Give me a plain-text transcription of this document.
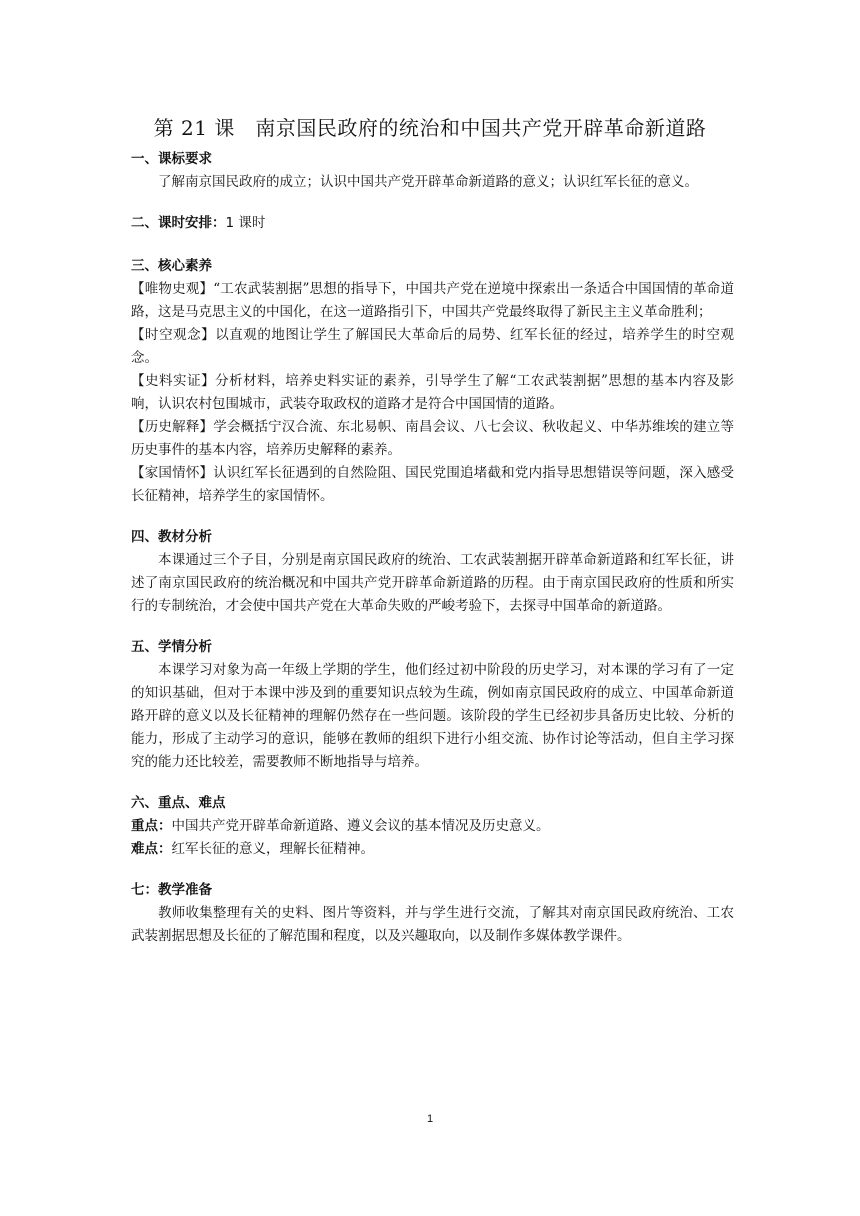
第 21 课　南京国民政府的统治和中国共产党开辟革命新道路
一、课标要求

了解南京国民政府的成立；认识中国共产党开辟革命新道路的意义；认识红军长征的意义。

二、课时安排：1 课时
三、核心素养

【唯物史观】“工农武装割据”思想的指导下，中国共产党在逆境中探索出一条适合中国国情的革命道路，这是马克思主义的中国化，在这一道路指引下，中国共产党最终取得了新民主主义革命胜利；

【时空观念】以直观的地图让学生了解国民大革命后的局势、红军长征的经过，培养学生的时空观念。

【史料实证】分析材料，培养史料实证的素养，引导学生了解“工农武装割据”思想的基本内容及影响，认识农村包围城市，武装夺取政权的道路才是符合中国国情的道路。

【历史解释】学会概括宁汉合流、东北易帜、南昌会议、八七会议、秋收起义、中华苏维埃的建立等历史事件的基本内容，培养历史解释的素养。

【家国情怀】认识红军长征遇到的自然险阻、国民党围追堵截和党内指导思想错误等问题，深入感受长征精神，培养学生的家国情怀。

四、教材分析

本课通过三个子目，分别是南京国民政府的统治、工农武装割据开辟革命新道路和红军长征，讲述了南京国民政府的统治概况和中国共产党开辟革命新道路的历程。由于南京国民政府的性质和所实行的专制统治，才会使中国共产党在大革命失败的严峻考验下，去探寻中国革命的新道路。

五、学情分析

本课学习对象为高一年级上学期的学生，他们经过初中阶段的历史学习，对本课的学习有了一定的知识基础，但对于本课中涉及到的重要知识点较为生疏，例如南京国民政府的成立、中国革命新道路开辟的意义以及长征精神的理解仍然存在一些问题。该阶段的学生已经初步具备历史比较、分析的能力，形成了主动学习的意识，能够在教师的组织下进行小组交流、协作讨论等活动，但自主学习探究的能力还比较差，需要教师不断地指导与培养。

六、重点、难点

重点：中国共产党开辟革命新道路、遵义会议的基本情况及历史意义。

难点：红军长征的意义，理解长征精神。

七：教学准备

教师收集整理有关的史料、图片等资料，并与学生进行交流，了解其对南京国民政府统治、工农武装割据思想及长征的了解范围和程度，以及兴趣取向，以及制作多媒体教学课件。

1
